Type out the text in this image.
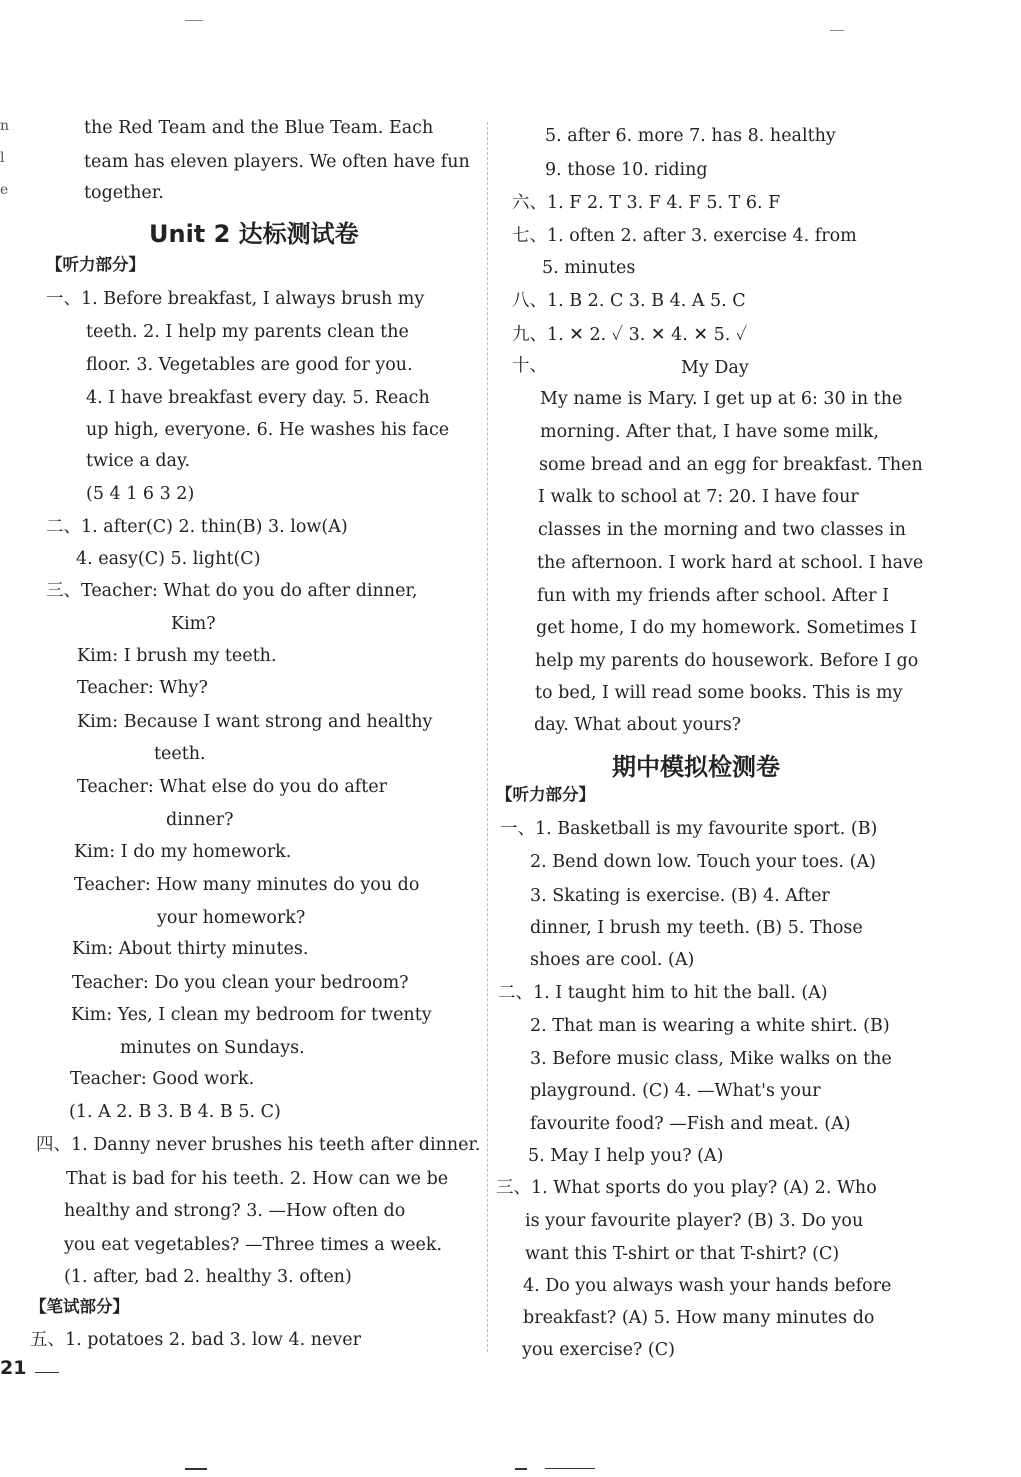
n
l
e
the Red Team and the Blue Team. Each
team has eleven players. We often have fun
together.
Unit 2 达标测试卷
【听力部分】
一、1. Before breakfast, I always brush my
teeth. 2. I help my parents clean the
floor. 3. Vegetables are good for you.
4. I have breakfast every day. 5. Reach
up high, everyone. 6. He washes his face
twice a day.
(5 4 1 6 3 2)
二、1. after(C) 2. thin(B) 3. low(A)
4. easy(C) 5. light(C)
三、Teacher: What do you do after dinner,
Kim?
Kim: I brush my teeth.
Teacher: Why?
Kim: Because I want strong and healthy
teeth.
Teacher: What else do you do after
dinner?
Kim: I do my homework.
Teacher: How many minutes do you do
your homework?
Kim: About thirty minutes.
Teacher: Do you clean your bedroom?
Kim: Yes, I clean my bedroom for twenty
minutes on Sundays.
Teacher: Good work.
(1. A 2. B 3. B 4. B 5. C)
四、1. Danny never brushes his teeth after dinner.
That is bad for his teeth. 2. How can we be
healthy and strong? 3. —How often do
you eat vegetables? —Three times a week.
(1. after, bad 2. healthy 3. often)
【笔试部分】
五、1. potatoes 2. bad 3. low 4. never
5. after 6. more 7. has 8. healthy
9. those 10. riding
六、1. F 2. T 3. F 4. F 5. T 6. F
七、1. often 2. after 3. exercise 4. from
5. minutes
八、1. B 2. C 3. B 4. A 5. C
九、1. ✕ 2. ✓ 3. ✕ 4. ✕ 5. ✓
十、	My Day
My name is Mary. I get up at 6: 30 in the
morning. After that, I have some milk,
some bread and an egg for breakfast. Then
I walk to school at 7: 20. I have four
classes in the morning and two classes in
the afternoon. I work hard at school. I have
fun with my friends after school. After I
get home, I do my homework. Sometimes I
help my parents do housework. Before I go
to bed, I will read some books. This is my
day. What about yours?
期中模拟检测卷
【听力部分】
一、1. Basketball is my favourite sport. (B)
2. Bend down low. Touch your toes. (A)
3. Skating is exercise. (B) 4. After
dinner, I brush my teeth. (B) 5. Those
shoes are cool. (A)
二、1. I taught him to hit the ball. (A)
2. That man is wearing a white shirt. (B)
3. Before music class, Mike walks on the
playground. (C) 4. —What's your
favourite food? —Fish and meat. (A)
5. May I help you? (A)
三、1. What sports do you play? (A) 2. Who
is your favourite player? (B) 3. Do you
want this T-shirt or that T-shirt? (C)
4. Do you always wash your hands before
breakfast? (A) 5. How many minutes do
you exercise? (C)
21
